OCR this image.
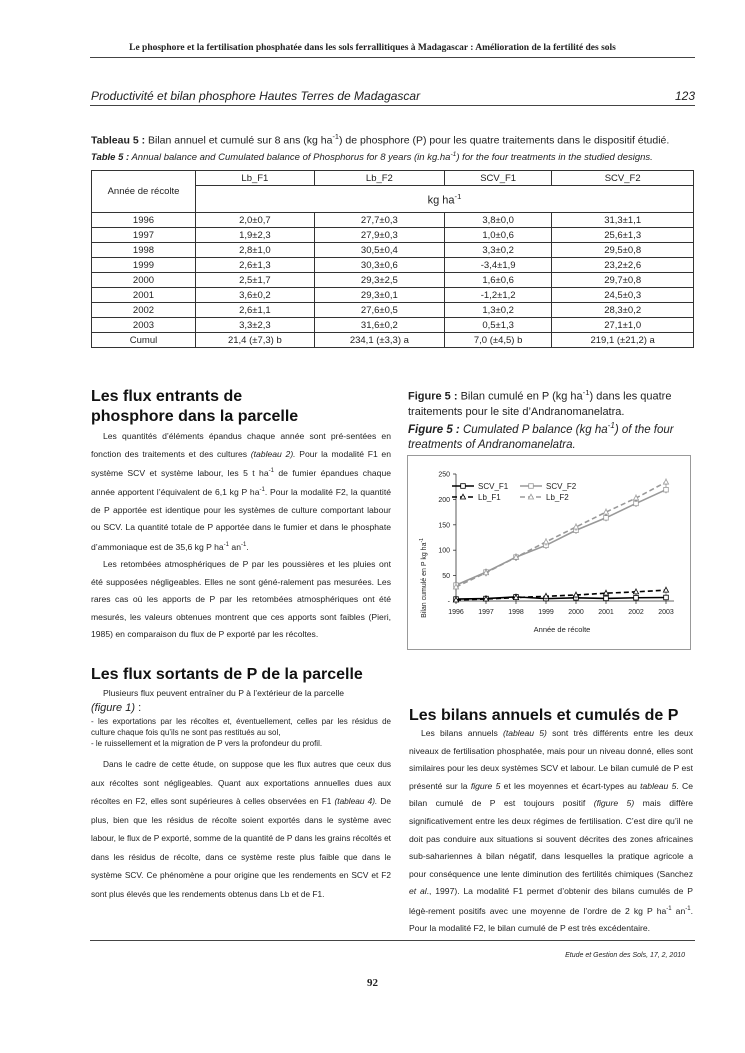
Le phosphore et la fertilisation phosphatée dans les sols ferrallitiques à Madagascar : Amélioration de la fertilité des sols
Productivité et bilan phosphore Hautes Terres de Madagascar	123
Tableau 5 : Bilan annuel et cumulé sur 8 ans (kg $ha^{-1}$) de phosphore (P) pour les quatre traitements dans le dispositif étudié.
Table 5 : Annual balance and Cumulated balance of Phosphorus for 8 years (in $kg.ha^{-1}$) for the four treatments in the studied designs.
Année de récolte	Lb_F1	Lb_F2	SCV_F1	SCV_F2
	kg $ha^{-1}$
1996	2,0±0,7	27,7±0,3	3,8±0,0	31,3±1,1
1997	1,9±2,3	27,9±0,3	1,0±0,6	25,6±1,3
1998	2,8±1,0	30,5±0,4	3,3±0,2	29,5±0,8
1999	2,6±1,3	30,3±0,6	-3,4±1,9	23,2±2,6
2000	2,5±1,7	29,3±2,5	1,6±0,6	29,7±0,8
2001	3,6±0,2	29,3±0,1	-1,2±1,2	24,5±0,3
2002	2,6±1,1	27,6±0,5	1,3±0,2	28,3±0,2
2003	3,3±2,3	31,6±0,2	0,5±1,3	27,1±1,0
Cumul	21,4 (±7,3) b	234,1 (±3,3) a	7,0 (±4,5) b	219,1 (±21,2) a
Les flux entrants de
phosphore dans la parcelle

Les quantités d’éléments épandus chaque année sont pré-sentées en fonction des traitements et des cultures (tableau 2). Pour la modalité F1 en système SCV et système labour, les 5 t $ha^{-1}$ de fumier épandues chaque année apportent l’équivalent de 6,1 kg P $ha^{-1}$. Pour la modalité F2, la quantité de P apportée est identique pour les systèmes de culture comportant labour ou SCV. La quantité totale de P apportée dans le fumier et dans le phosphate d’ammoniaque est de 35,6 kg P $ha^{-1}$ $an^{-1}$.

Les retombées atmosphériques de P par les poussières et les pluies ont été supposées négligeables. Elles ne sont géné-ralement pas mesurées. Les rares cas où les apports de P par les retombées atmosphériques ont été mesurés, les valeurs obtenues montrent que ces apports sont faibles (Pieri, 1985) en comparaison du flux de P exporté par les récoltes.

Les flux sortants de P de la parcelle
Plusieurs flux peuvent entraîner du P à l’extérieur de la parcelle
(figure 1) :
- les exportations par les récoltes et, éventuellement, celles par les résidus de culture chaque fois qu’ils ne sont pas restitués au sol,
- le ruissellement et la migration de P vers la profondeur du profil.

Dans le cadre de cette étude, on suppose que les flux autres que ceux dus aux récoltes sont négligeables. Quant aux exportations annuelles dues aux récoltes en F2, elles sont supérieures à celles observées en F1 (tableau 4). De plus, bien que les résidus de récolte soient exportés dans le système avec labour, le flux de P exporté, somme de la quantité de P dans les grains récoltés et dans les résidus de récolte, dans ce système reste plus faible que dans le système SCV. Ce phénomène a pour origine que les rendements en SCV et F2 sont plus élevés que les rendements obtenus dans Lb et de F1.

Figure 5 : Bilan cumulé en P (kg $ha^{-1}$) dans les quatre traitements pour le site d’Andranomanelatra.
Figure 5 : Cumulated P balance (kg $ha^{-1}$) of the four treatments of Andranomanelatra.
-
50
100
150
200
250
1996 1997 1998 1999 2000 2001 2002 2003
SCV_F1	SCV_F2
Lb_F1	Lb_F2
Bilan cumulé en P kg $ha^{-1}$
Année de récolte
Les bilans annuels et cumulés de P

Les bilans annuels (tableau 5) sont très différents entre les deux niveaux de fertilisation phosphatée, mais pour un niveau donné, elles sont similaires pour les deux systèmes SCV et labour. Le bilan cumulé de P est présenté sur la figure 5 et les moyennes et écart-types au tableau 5. Ce bilan cumulé de P est toujours positif (figure 5) mais diffère significativement entre les deux régimes de fertilisation. C’est dire qu’il ne doit pas conduire aux situations si souvent décrites des zones africaines sub-sahariennes à bilan négatif, dans lesquelles la pratique agricole a pour conséquence une lente diminution des fertilités chimiques (Sanchez et al., 1997). La modalité F1 permet d’obtenir des bilans cumulés de P légè-rement positifs avec une moyenne de l’ordre de 2 kg P $ha^{-1}$ $an^{-1}$. Pour la modalité F2, le bilan cumulé de P est très excédentaire.

Etude et Gestion des Sols, 17, 2, 2010
92
